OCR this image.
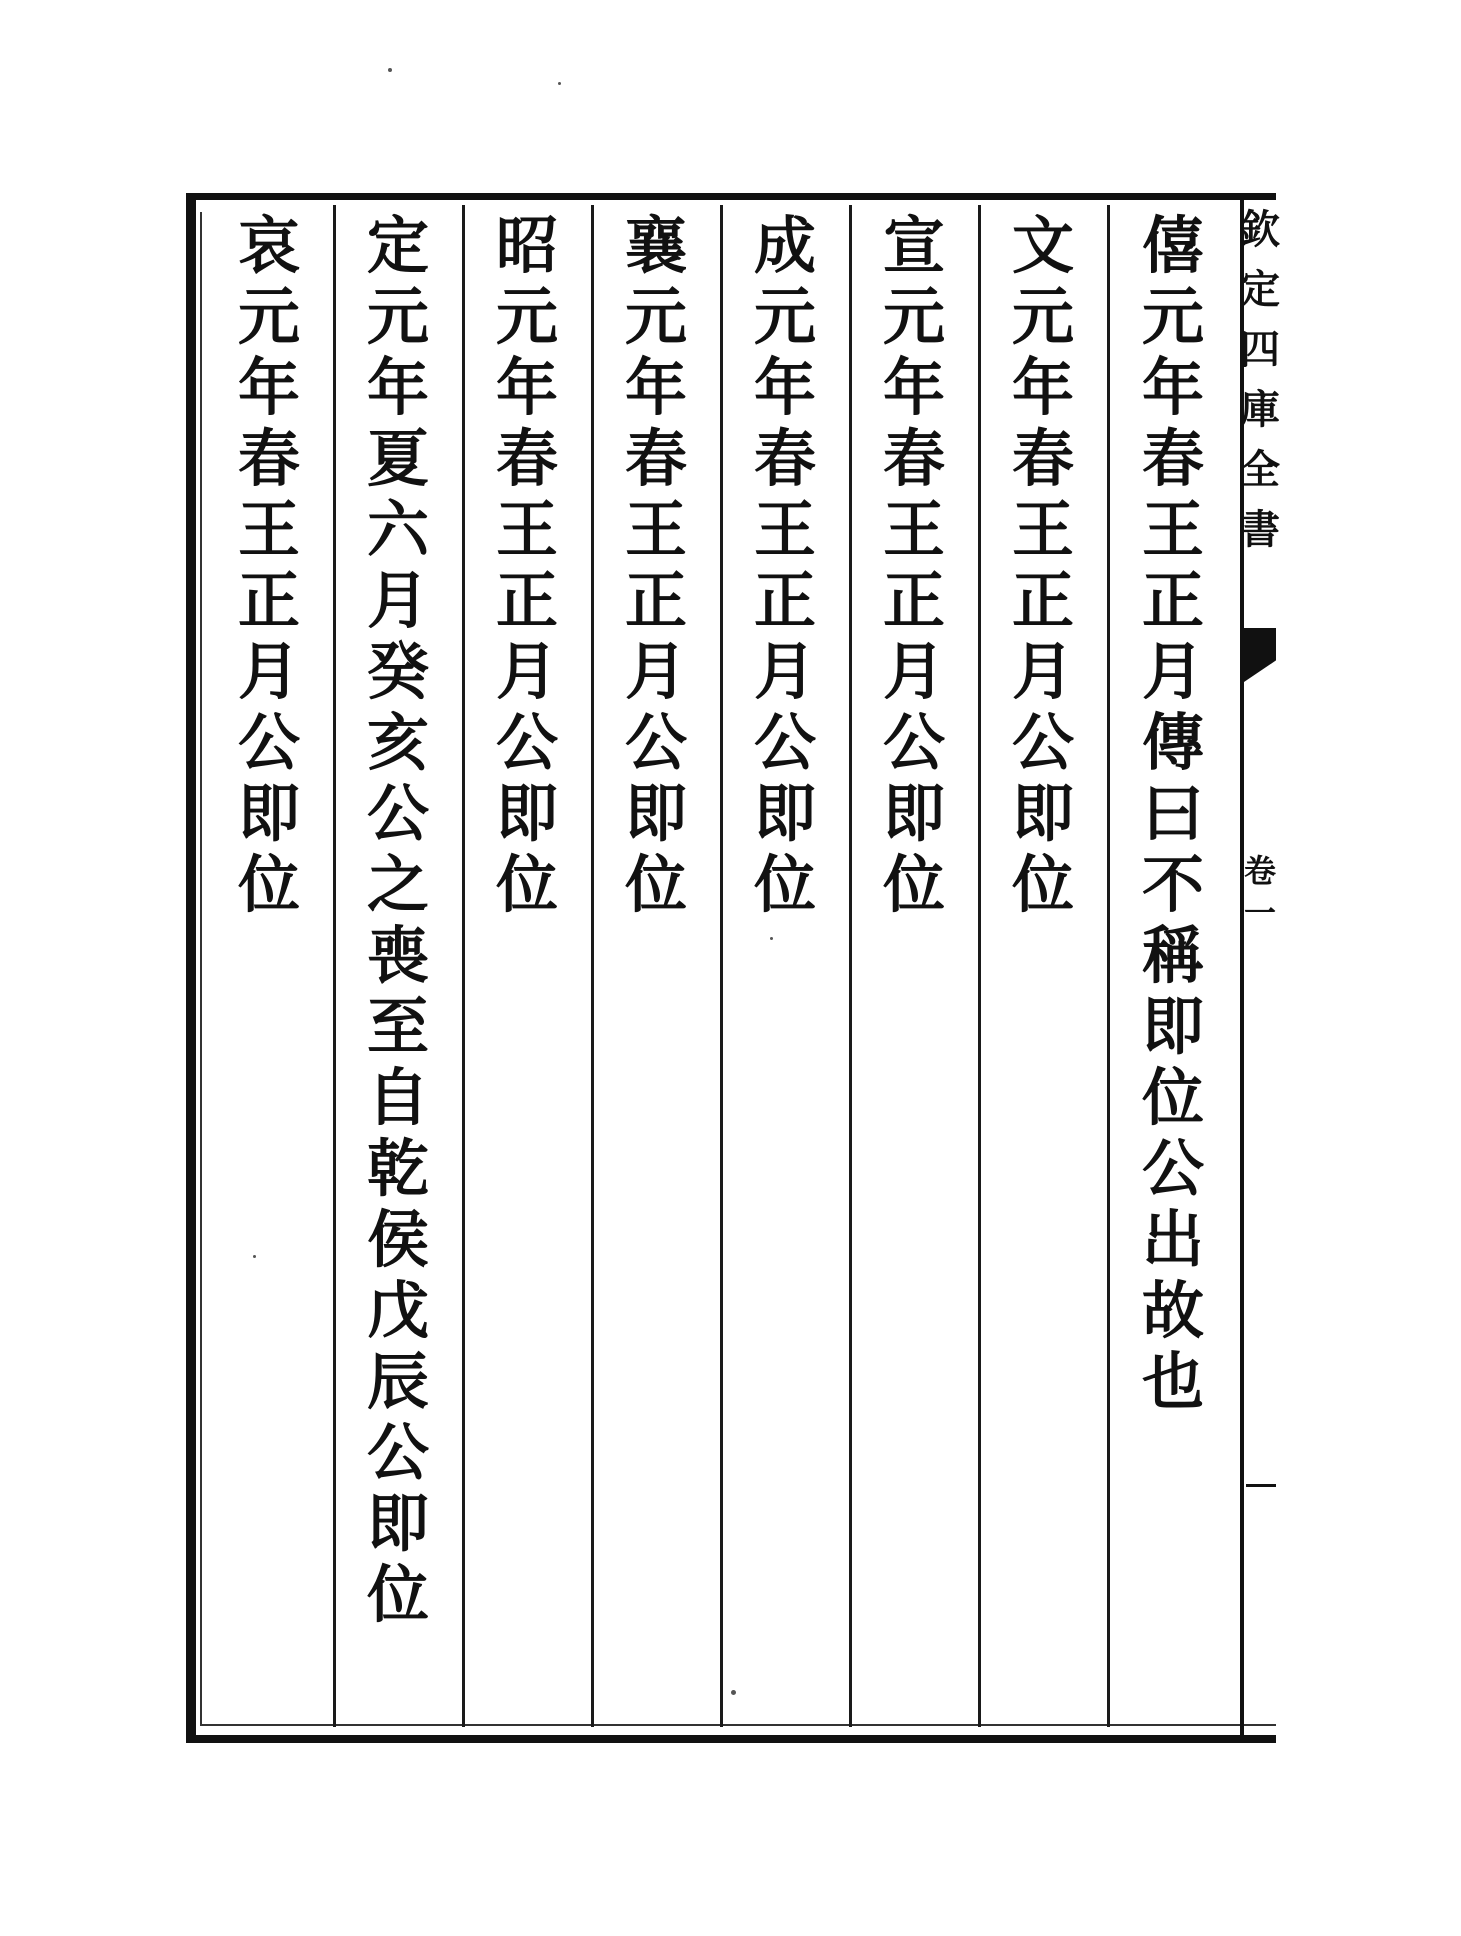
欽
定
四
庫
全
書
卷
一
僖
元
年
春
王
正
月
傳
曰
不
稱
即
位
公
出
故
也
文
元
年
春
王
正
月
公
即
位
宣
元
年
春
王
正
月
公
即
位
成
元
年
春
王
正
月
公
即
位
襄
元
年
春
王
正
月
公
即
位
昭
元
年
春
王
正
月
公
即
位
定
元
年
夏
六
月
癸
亥
公
之
喪
至
自
乾
侯
戊
辰
公
即
位
哀
元
年
春
王
正
月
公
即
位
